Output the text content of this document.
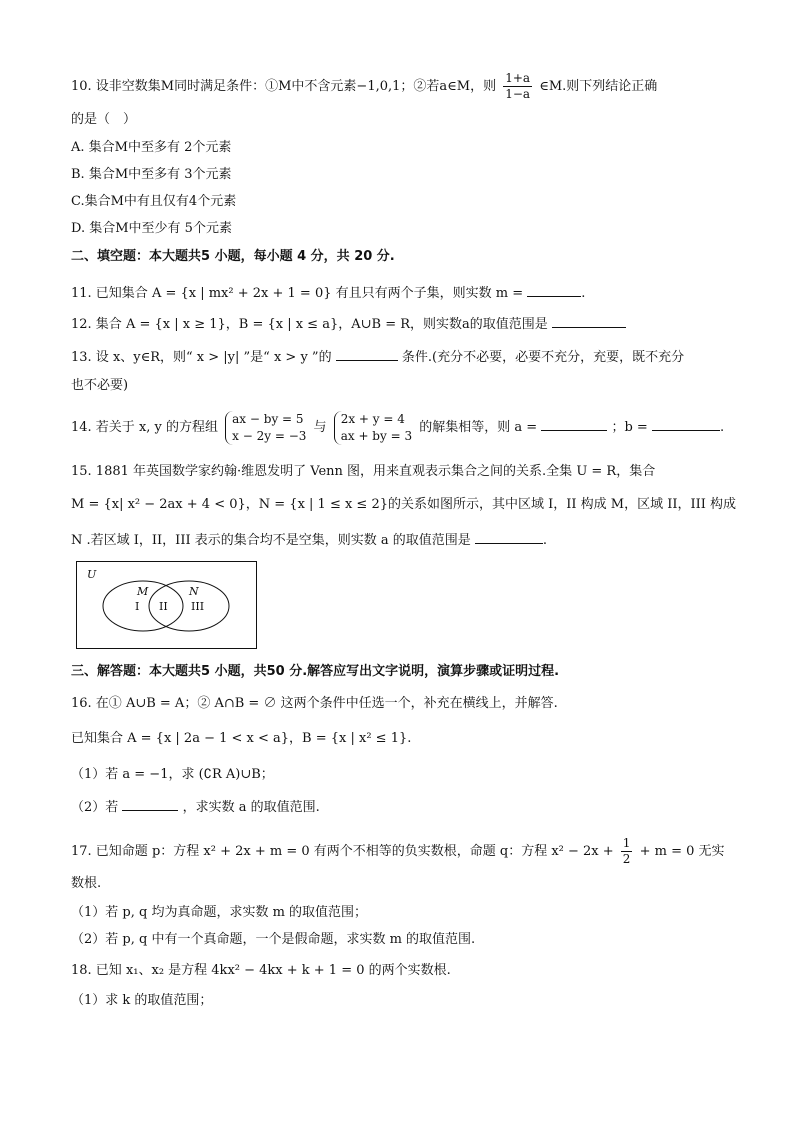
10. 设非空数集M同时满足条件：①M中不含元素−1,0,1；②若a∈M，则 $\frac{1+a}{1-a}$ ∈M.则下列结论正确
的是（　）
A. 集合M中至多有 2个元素
B. 集合M中至多有 3个元素
C.集合M中有且仅有4个元素
D. 集合M中至少有 5个元素
二、填空题：本大题共5 小题，每小题 4 分，共 20 分.
11. 已知集合 A = {x | mx² + 2x + 1 = 0} 有且只有两个子集，则实数 m =	.
12. 集合 A = {x | x ≥ 1}，B = {x | x ≤ a}，A∪B = R，则实数a的取值范围是
13. 设 x、y∈R，则“ x > |y| ”是“ x > y ”的	条件.(充分不必要，必要不充分，充要，既不充分
也不必要)
14. 若关于 x, y 的方程组
ax − by = 5
x − 2y = −3
与
2x + y = 4
ax + by = 3
的解集相等，则 a =	；b =	.
15. 1881 年英国数学家约翰·维恩发明了 Venn 图，用来直观表示集合之间的关系.全集 U = R，集合
M = {x| x² − 2ax + 4 < 0}，N = {x | 1 ≤ x ≤ 2}的关系如图所示，其中区域 I，II 构成 M，区域 II，III 构成
N .若区域 I，II，III 表示的集合均不是空集，则实数 a 的取值范围是	.
U
M	N
I II III
三、解答题：本大题共5 小题，共50 分.解答应写出文字说明，演算步骤或证明过程.
16. 在① A∪B = A；② A∩B = ∅ 这两个条件中任选一个，补充在横线上，并解答.
已知集合 A = {x | 2a − 1 < x < a}，B = {x | x² ≤ 1}.
（1）若 a = −1，求 (∁R A)∪B；
（2）若	，求实数 a 的取值范围.
17. 已知命题 p：方程 x² + 2x + m = 0 有两个不相等的负实数根，命题 q：方程 $x^2 - 2x + \frac{1}{2} + m = 0$ 无实
数根.
（1）若 p, q 均为真命题，求实数 m 的取值范围；
（2）若 p, q 中有一个真命题，一个是假命题，求实数 m 的取值范围.
18. 已知 x₁、x₂ 是方程 4kx² − 4kx + k + 1 = 0 的两个实数根.
（1）求 k 的取值范围；
